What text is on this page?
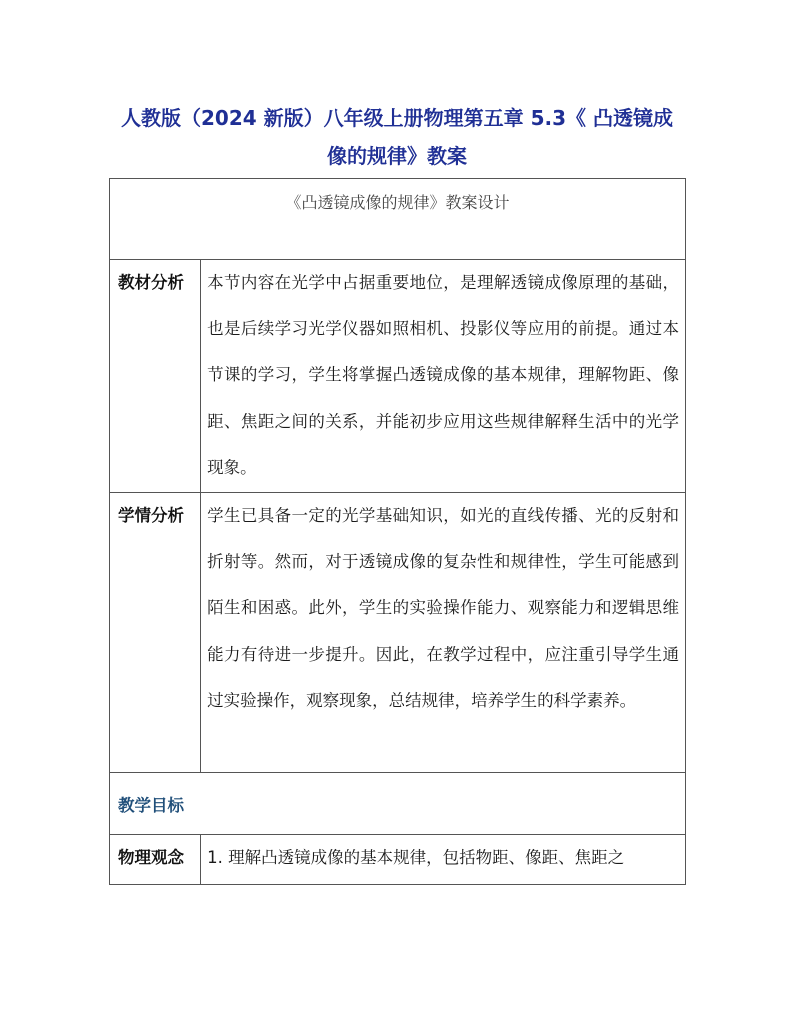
人教版（2024 新版）八年级上册物理第五章 5.3《 凸透镜成
像的规律》教案
《凸透镜成像的规律》教案设计	

教材分析	本节内容在光学中占据重要地位，是理解透镜成像原理的基础，也是后续学习光学仪器如照相机、投影仪等应用的前提。通过本节课的学习，学生将掌握凸透镜成像的基本规律，理解物距、像距、焦距之间的关系，并能初步应用这些规律解释生活中的光学现象。
学情分析	学生已具备一定的光学基础知识，如光的直线传播、光的反射和折射等。然而，对于透镜成像的复杂性和规律性，学生可能感到陌生和困惑。此外，学生的实验操作能力、观察能力和逻辑思维能力有待进一步提升。因此，在教学过程中，应注重引导学生通过实验操作，观察现象，总结规律，培养学生的科学素养。
教学目标	
物理观念	1. 理解凸透镜成像的基本规律，包括物距、像距、焦距之
